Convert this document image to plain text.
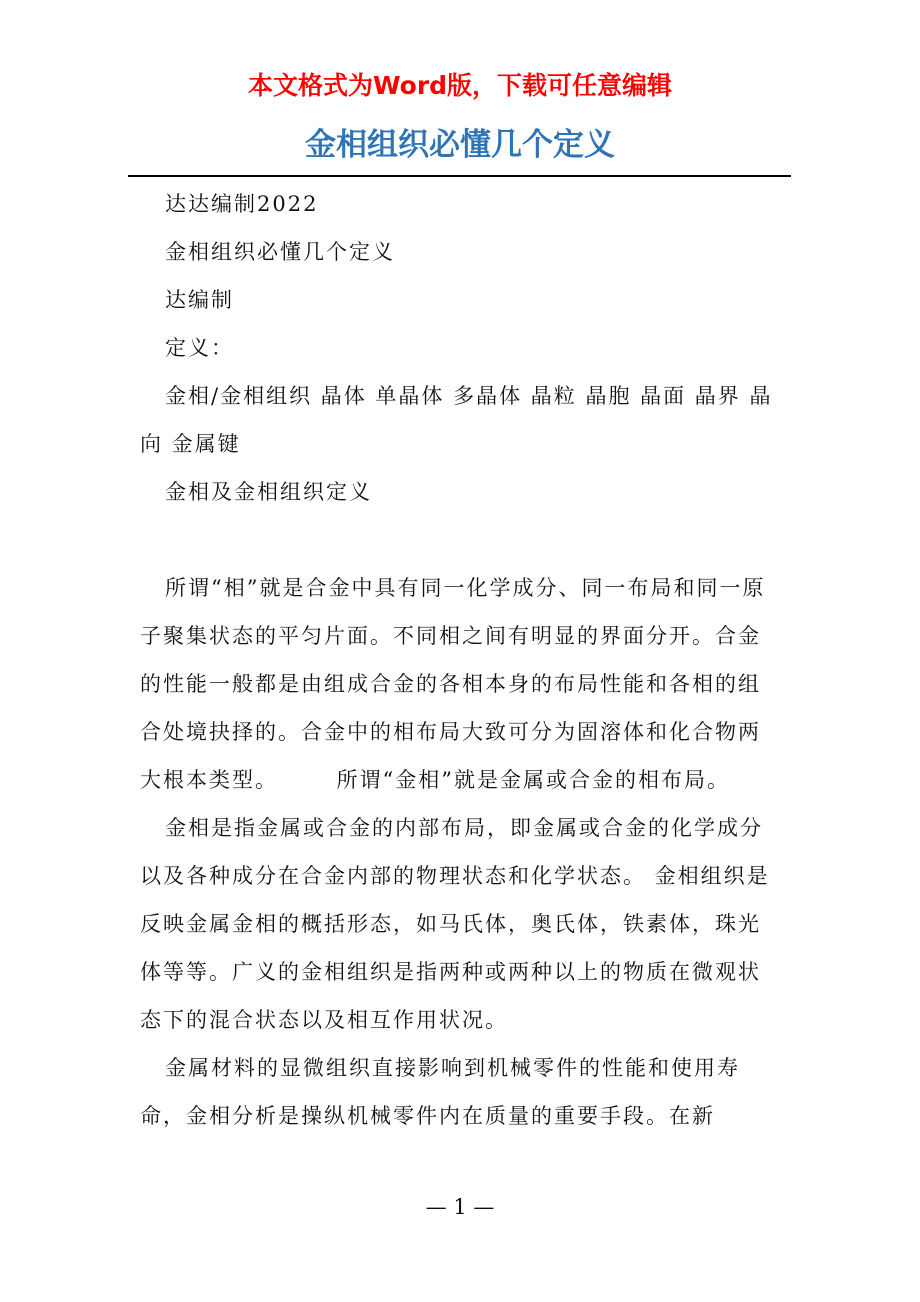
本文格式为Word版，下载可任意编辑
金相组织必懂几个定义

达达编制2022

金相组织必懂几个定义

达编制

定义：

金相/金相组织 晶体 单晶体 多晶体 晶粒 晶胞 晶面 晶界 晶向 金属键

金相及金相组织定义

所谓“相”就是合金中具有同一化学成分、同一布局和同一原子聚集状态的平匀片面。不同相之间有明显的界面分开。合金的性能一般都是由组成合金的各相本身的布局性能和各相的组合处境抉择的。合金中的相布局大致可分为固溶体和化合物两大根本类型。　　　所谓“金相”就是金属或合金的相布局。

金相是指金属或合金的内部布局，即金属或合金的化学成分以及各种成分在合金内部的物理状态和化学状态。 金相组织是反映金属金相的概括形态，如马氏体，奥氏体，铁素体，珠光体等等。广义的金相组织是指两种或两种以上的物质在微观状态下的混合状态以及相互作用状况。

金属材料的显微组织直接影响到机械零件的性能和使用寿命，金相分析是操纵机械零件内在质量的重要手段。在新

— 1 —
